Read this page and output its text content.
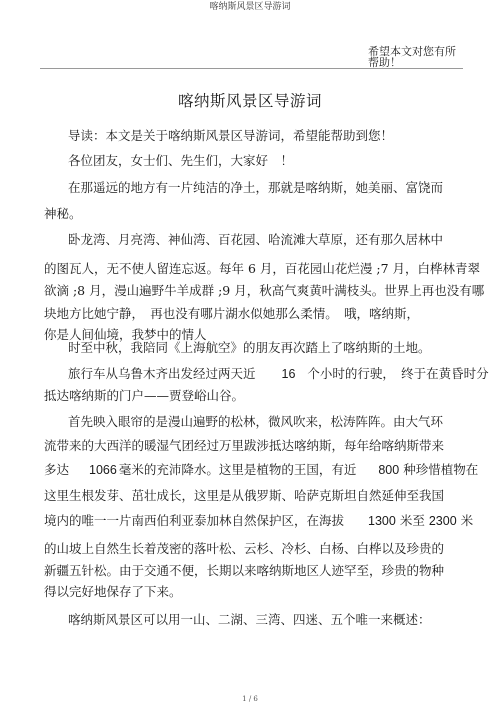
喀纳斯风景区导游词
希望本文对您有所
帮助！
喀纳斯风景区导游词
导读：本文是关于喀纳斯风景区导游词，希望能帮助到您！
各位团友，女士们、先生们，大家好　！
在那遥远的地方有一片纯洁的净土，那就是喀纳斯，她美丽、富饶而
神秘。
卧龙湾、月亮湾、神仙湾、百花园、哈流滩大草原，还有那久居林中
的图瓦人，无不使人留连忘返。每年 6 月，百花园山花烂漫 ;7 月，白桦林青翠
欲滴 ;8 月，漫山遍野牛羊成群 ;9 月，秋高气爽黄叶满枝头。世界上再也没有哪
块地方比她宁静，　再也没有哪片湖水似她那么柔情。　哦，喀纳斯，
你是人间仙境，我梦中的情人
时至中秋，我陪同《上海航空》的朋友再次踏上了喀纳斯的土地。
旅行车从乌鲁木齐出发经过两天近 16 个小时的行驶，　终于在黄昏时分
抵达喀纳斯的门户——贾登峪山谷。
首先映入眼帘的是漫山遍野的松林，微风吹来，松涛阵阵。由大气环
流带来的大西洋的暖湿气团经过万里跋涉抵达喀纳斯，每年给喀纳斯带来
多达 1066 毫米的充沛降水。这里是植物的王国，有近 800 种珍惜植物在
这里生根发芽、茁壮成长，这里是从俄罗斯、哈萨克斯坦自然延伸至我国
境内的唯一一片南西伯利亚泰加林自然保护区，在海拔 1300 米至 2300 米
的山坡上自然生长着茂密的落叶松、云杉、冷杉、白杨、白桦以及珍贵的
新疆五针松。由于交通不便，长期以来喀纳斯地区人迹罕至，珍贵的物种
得以完好地保存了下来。
喀纳斯风景区可以用一山、二湖、三湾、四迷、五个唯一来概述：
1 / 6
